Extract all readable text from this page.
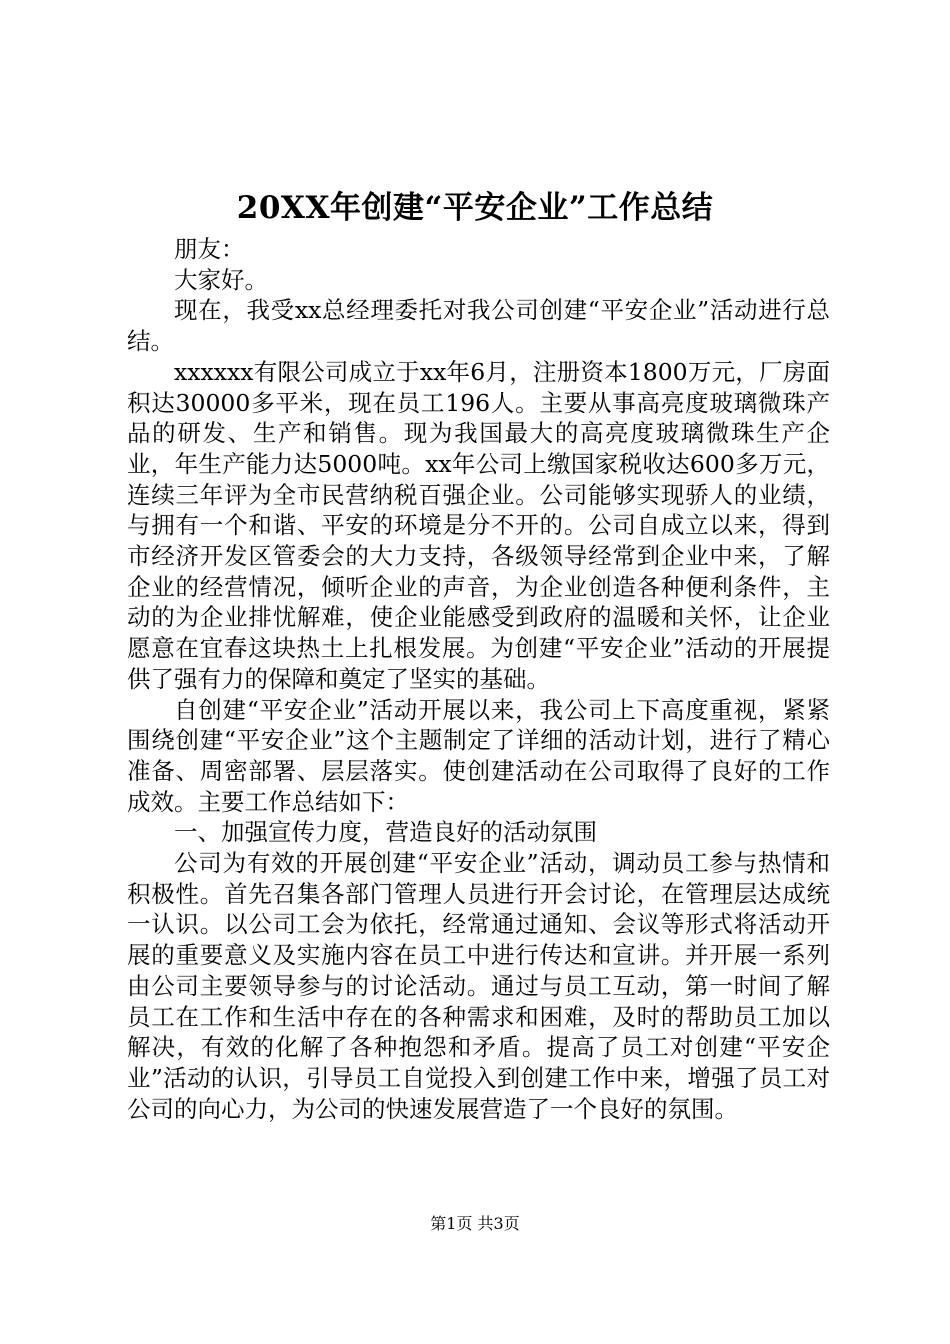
20XX年创建“平安企业”工作总结

朋友：

大家好。

现在，我受xx总经理委托对我公司创建“平安企业”活动进行总结。

xxxxxx有限公司成立于xx年6月，注册资本1800万元，厂房面积达30000多平米，现在员工196人。主要从事高亮度玻璃微珠产品的研发、生产和销售。现为我国最大的高亮度玻璃微珠生产企业，年生产能力达5000吨。xx年公司上缴国家税收达600多万元，连续三年评为全市民营纳税百强企业。公司能够实现骄人的业绩，与拥有一个和谐、平安的环境是分不开的。公司自成立以来，得到市经济开发区管委会的大力支持，各级领导经常到企业中来，了解企业的经营情况，倾听企业的声音，为企业创造各种便利条件，主动的为企业排忧解难，使企业能感受到政府的温暖和关怀，让企业愿意在宜春这块热土上扎根发展。为创建“平安企业”活动的开展提供了强有力的保障和奠定了坚实的基础。

自创建“平安企业”活动开展以来，我公司上下高度重视，紧紧围绕创建“平安企业”这个主题制定了详细的活动计划，进行了精心准备、周密部署、层层落实。使创建活动在公司取得了良好的工作成效。主要工作总结如下：

一、加强宣传力度，营造良好的活动氛围

公司为有效的开展创建“平安企业”活动，调动员工参与热情和积极性。首先召集各部门管理人员进行开会讨论，在管理层达成统一认识。以公司工会为依托，经常通过通知、会议等形式将活动开展的重要意义及实施内容在员工中进行传达和宣讲。并开展一系列由公司主要领导参与的讨论活动。通过与员工互动，第一时间了解员工在工作和生活中存在的各种需求和困难，及时的帮助员工加以解决，有效的化解了各种抱怨和矛盾。提高了员工对创建“平安企业”活动的认识，引导员工自觉投入到创建工作中来，增强了员工对公司的向心力，为公司的快速发展营造了一个良好的氛围。

第1页 共3页
